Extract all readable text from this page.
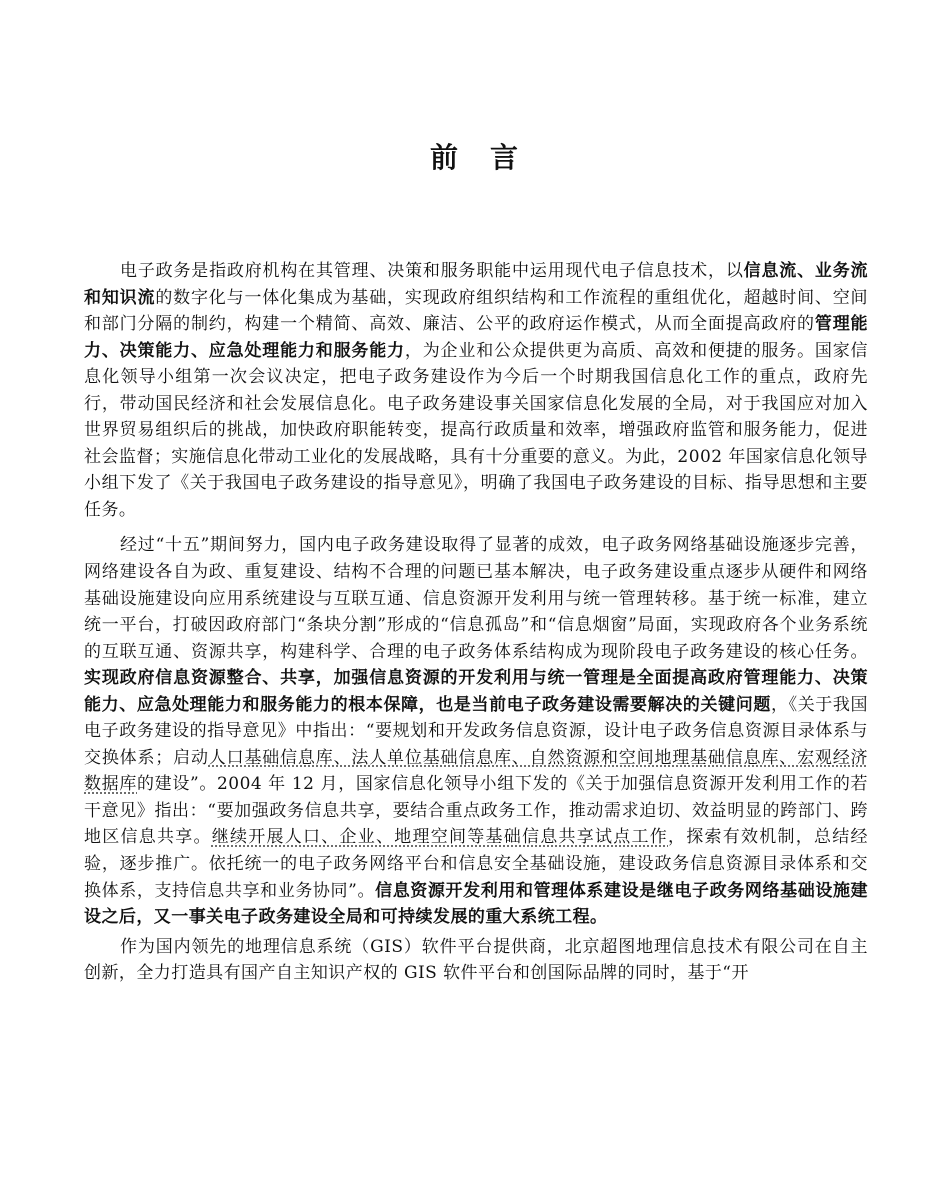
前　言

电子政务是指政府机构在其管理、决策和服务职能中运用现代电子信息技术，以信息流、业务流和知识流的数字化与一体化集成为基础，实现政府组织结构和工作流程的重组优化，超越时间、空间和部门分隔的制约，构建一个精简、高效、廉洁、公平的政府运作模式，从而全面提高政府的管理能力、决策能力、应急处理能力和服务能力，为企业和公众提供更为高质、高效和便捷的服务。国家信息化领导小组第一次会议决定，把电子政务建设作为今后一个时期我国信息化工作的重点，政府先行，带动国民经济和社会发展信息化。电子政务建设事关国家信息化发展的全局，对于我国应对加入世界贸易组织后的挑战，加快政府职能转变，提高行政质量和效率，增强政府监管和服务能力，促进社会监督；实施信息化带动工业化的发展战略，具有十分重要的意义。为此，2002 年国家信息化领导小组下发了《关于我国电子政务建设的指导意见》，明确了我国电子政务建设的目标、指导思想和主要任务。

经过“十五”期间努力，国内电子政务建设取得了显著的成效，电子政务网络基础设施逐步完善，网络建设各自为政、重复建设、结构不合理的问题已基本解决，电子政务建设重点逐步从硬件和网络基础设施建设向应用系统建设与互联互通、信息资源开发利用与统一管理转移。基于统一标准，建立统一平台，打破因政府部门“条块分割”形成的“信息孤岛”和“信息烟窗”局面，实现政府各个业务系统的互联互通、资源共享，构建科学、合理的电子政务体系结构成为现阶段电子政务建设的核心任务。实现政府信息资源整合、共享，加强信息资源的开发利用与统一管理是全面提高政府管理能力、决策能力、应急处理能力和服务能力的根本保障，也是当前电子政务建设需要解决的关键问题，《关于我国电子政务建设的指导意见》中指出：“要规划和开发政务信息资源，设计电子政务信息资源目录体系与交换体系；启动人口基础信息库、法人单位基础信息库、自然资源和空间地理基础信息库、宏观经济数据库的建设”。2004 年 12 月，国家信息化领导小组下发的《关于加强信息资源开发利用工作的若干意见》指出：“要加强政务信息共享，要结合重点政务工作，推动需求迫切、效益明显的跨部门、跨地区信息共享。继续开展人口、企业、地理空间等基础信息共享试点工作，探索有效机制，总结经验，逐步推广。依托统一的电子政务网络平台和信息安全基础设施，建设政务信息资源目录体系和交换体系，支持信息共享和业务协同”。信息资源开发利用和管理体系建设是继电子政务网络基础设施建设之后，又一事关电子政务建设全局和可持续发展的重大系统工程。

作为国内领先的地理信息系统（GIS）软件平台提供商，北京超图地理信息技术有限公司在自主创新，全力打造具有国产自主知识产权的 GIS 软件平台和创国际品牌的同时，基于“开
